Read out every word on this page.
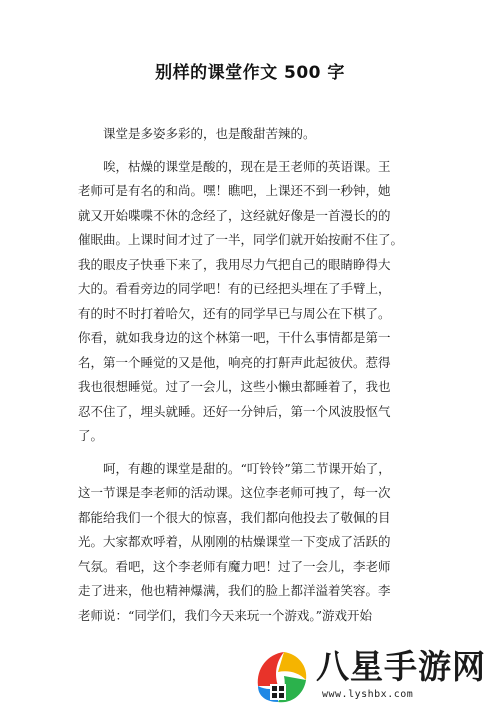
别样的课堂作文 500 字
课堂是多姿多彩的，也是酸甜苦辣的。
唉，枯燥的课堂是酸的，现在是王老师的英语课。王
老师可是有名的和尚。嘿！瞧吧，上课还不到一秒钟，她
就又开始喋喋不休的念经了，这经就好像是一首漫长的的
催眠曲。上课时间才过了一半，同学们就开始按耐不住了。
我的眼皮子快垂下来了，我用尽力气把自己的眼睛睁得大
大的。看看旁边的同学吧！有的已经把头埋在了手臂上，
有的时不时打着哈欠，还有的同学早已与周公在下棋了。
你看，就如我身边的这个林第一吧，干什么事情都是第一
名，第一个睡觉的又是他，响亮的打鼾声此起彼伏。惹得
我也很想睡觉。过了一会儿，这些小懒虫都睡着了，我也
忍不住了，埋头就睡。还好一分钟后，第一个风波股怄气
了。
呵，有趣的课堂是甜的。“叮铃铃”第二节课开始了，
这一节课是李老师的活动课。这位李老师可拽了，每一次
都能给我们一个很大的惊喜，我们都向他投去了敬佩的目
光。大家都欢呼着，从刚刚的枯燥课堂一下变成了活跃的
气氛。看吧，这个李老师有魔力吧！过了一会儿，李老师
走了进来，他也精神爆满，我们的脸上都洋溢着笑容。李
老师说：“同学们，我们今天来玩一个游戏。”游戏开始
八星手游网
www.lyshbx.com
